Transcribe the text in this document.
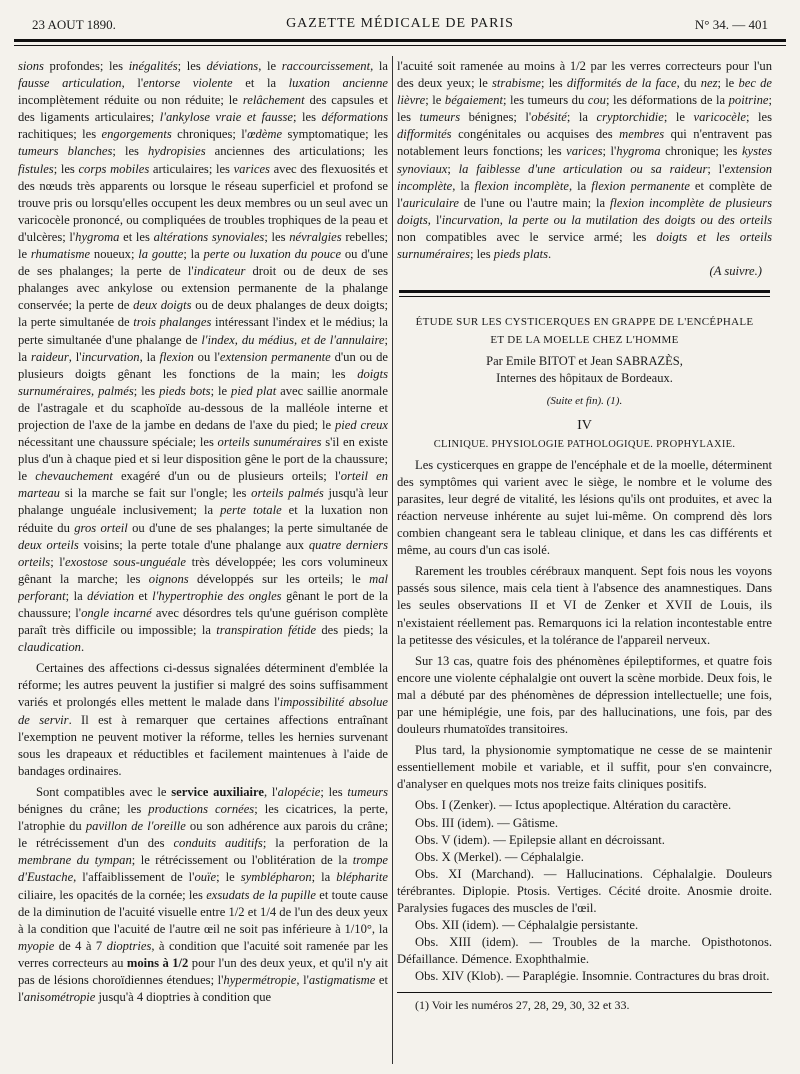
23 AOUT 1890.	GAZETTE MÉDICALE DE PARIS	N° 34. — 401

sions profondes; les inégalités; les déviations, le raccourcissement, la fausse articulation, l'entorse violente et la luxation ancienne incomplètement réduite ou non réduite; le relâchement des capsules et des ligaments articulaires; l'ankylose vraie et fausse; les déformations rachitiques; les engorgements chroniques; l'œdème symptomatique; les tumeurs blanches; les hydropisies anciennes des articulations; les fistules; les corps mobiles articulaires; les varices avec des flexuosités et des nœuds très apparents ou lorsque le réseau superficiel et profond se trouve pris ou lorsqu'elles occupent les deux membres ou un seul avec un varicocèle prononcé, ou compliquées de troubles trophiques de la peau et d'ulcères; l'hygroma et les altérations synoviales; les névralgies rebelles; le rhumatisme noueux; la goutte; la perte ou luxation du pouce ou d'une de ses phalanges; la perte de l'indicateur droit ou de deux de ses phalanges avec ankylose ou extension permanente de la phalange conservée; la perte de deux doigts ou de deux phalanges de deux doigts; la perte simultanée de trois phalanges intéressant l'index et le médius; la perte simultanée d'une phalange de l'index, du médius, et de l'annulaire; la raideur, l'incurvation, la flexion ou l'extension permanente d'un ou de plusieurs doigts gênant les fonctions de la main; les doigts surnuméraires, palmés; les pieds bots; le pied plat avec saillie anormale de l'astragale et du scaphoïde au-dessous de la malléole interne et projection de l'axe de la jambe en dedans de l'axe du pied; le pied creux nécessitant une chaussure spéciale; les orteils sunuméraires s'il en existe plus d'un à chaque pied et si leur disposition gêne le port de la chaussure; le chevauchement exagéré d'un ou de plusieurs orteils; l'orteil en marteau si la marche se fait sur l'ongle; les orteils palmés jusqu'à leur phalange unguéale inclusivement; la perte totale et la luxation non réduite du gros orteil ou d'une de ses phalanges; la perte simultanée de deux orteils voisins; la perte totale d'une phalange aux quatre derniers orteils; l'exostose sous-unguéale très développée; les cors volumineux gênant la marche; les oignons développés sur les orteils; le mal perforant; la déviation et l'hypertrophie des ongles gênant le port de la chaussure; l'ongle incarné avec désordres tels qu'une guérison complète paraît très difficile ou impossible; la transpiration fétide des pieds; la claudication.

Certaines des affections ci-dessus signalées déterminent d'emblée la réforme; les autres peuvent la justifier si malgré des soins suffisamment variés et prolongés elles mettent le malade dans l'impossibilité absolue de servir. Il est à remarquer que certaines affections entraînant l'exemption ne peuvent motiver la réforme, telles les hernies survenant sous les drapeaux et réductibles et facilement maintenues à l'aide de bandages ordinaires.

Sont compatibles avec le service auxiliaire, l'alopécie; les tumeurs bénignes du crâne; les productions cornées; les cicatrices, la perte, l'atrophie du pavillon de l'oreille ou son adhérence aux parois du crâne; le rétrécissement d'un des conduits auditifs; la perforation de la membrane du tympan; le rétrécissement ou l'oblitération de la trompe d'Eustache, l'affaiblissement de l'ouïe; le symblépharon; la blépharite ciliaire, les opacités de la cornée; les exsudats de la pupille et toute cause de la diminution de l'acuité visuelle entre 1/2 et 1/4 de l'un des deux yeux à la condition que l'acuité de l'autre œil ne soit pas inférieure à 1/10°, la myopie de 4 à 7 dioptries, à condition que l'acuité soit ramenée par les verres correcteurs au moins à 1/2 pour l'un des deux yeux, et qu'il n'y ait pas de lésions choroïdiennes étendues; l'hypermétropie, l'astigmatisme et l'anisométropie jusqu'à 4 dioptries à condition que

l'acuité soit ramenée au moins à 1/2 par les verres correcteurs pour l'un des deux yeux; le strabisme; les difformités de la face, du nez; le bec de lièvre; le bégaiement; les tumeurs du cou; les déformations de la poitrine; les tumeurs bénignes; l'obésité; la cryptorchidie; le varicocèle; les difformités congénitales ou acquises des membres qui n'entravent pas notablement leurs fonctions; les varices; l'hygroma chronique; les kystes synoviaux; la faiblesse d'une articulation ou sa raideur; l'extension incomplète, la flexion incomplète, la flexion permanente et complète de l'auriculaire de l'une ou l'autre main; la flexion incomplète de plusieurs doigts, l'incurvation, la perte ou la mutilation des doigts ou des orteils non compatibles avec le service armé; les doigts et les orteils surnuméraires; les pieds plats.

(A suivre.)

ÉTUDE SUR LES CYSTICERQUES EN GRAPPE DE L'ENCÉPHALE
ET DE LA MOELLE CHEZ L'HOMME
Par Emile BITOT et Jean SABRAZÈS,
Internes des hôpitaux de Bordeaux.
(Suite et fin). (1).
IV
CLINIQUE. PHYSIOLOGIE PATHOLOGIQUE. PROPHYLAXIE.

Les cysticerques en grappe de l'encéphale et de la moelle, déterminent des symptômes qui varient avec le siège, le nombre et le volume des parasites, leur degré de vitalité, les lésions qu'ils ont produites, et avec la réaction nerveuse inhérente au sujet lui-même. On comprend dès lors combien changeant sera le tableau clinique, et dans les cas différents et même, au cours d'un cas isolé.

Rarement les troubles cérébraux manquent. Sept fois nous les voyons passés sous silence, mais cela tient à l'absence des anamnestiques. Dans les seules observations II et VI de Zenker et XVII de Louis, ils n'existaient réellement pas. Remarquons ici la relation incontestable entre la petitesse des vésicules, et la tolérance de l'appareil nerveux.

Sur 13 cas, quatre fois des phénomènes épileptiformes, et quatre fois encore une violente céphalalgie ont ouvert la scène morbide. Deux fois, le mal a débuté par des phénomènes de dépression intellectuelle; une fois, par une hémiplégie, une fois, par des hallucinations, une fois, par des douleurs rhumatoïdes transitoires.

Plus tard, la physionomie symptomatique ne cesse de se maintenir essentiellement mobile et variable, et il suffit, pour s'en convaincre, d'analyser en quelques mots nos treize faits cliniques positifs.

Obs. I (Zenker). — Ictus apoplectique. Altération du caractère.

Obs. III (idem). — Gâtisme.

Obs. V (idem). — Epilepsie allant en décroissant.

Obs. X (Merkel). — Céphalalgie.

Obs. XI (Marchand). — Hallucinations. Céphalalgie. Douleurs térébrantes. Diplopie. Ptosis. Vertiges. Cécité droite. Anosmie droite. Paralysies fugaces des muscles de l'œil.

Obs. XII (idem). — Céphalalgie persistante.

Obs. XIII (idem). — Troubles de la marche. Opisthotonos. Défaillance. Démence. Exophthalmie.

Obs. XIV (Klob). — Paraplégie. Insomnie. Contractures du bras droit.

(1) Voir les numéros 27, 28, 29, 30, 32 et 33.
